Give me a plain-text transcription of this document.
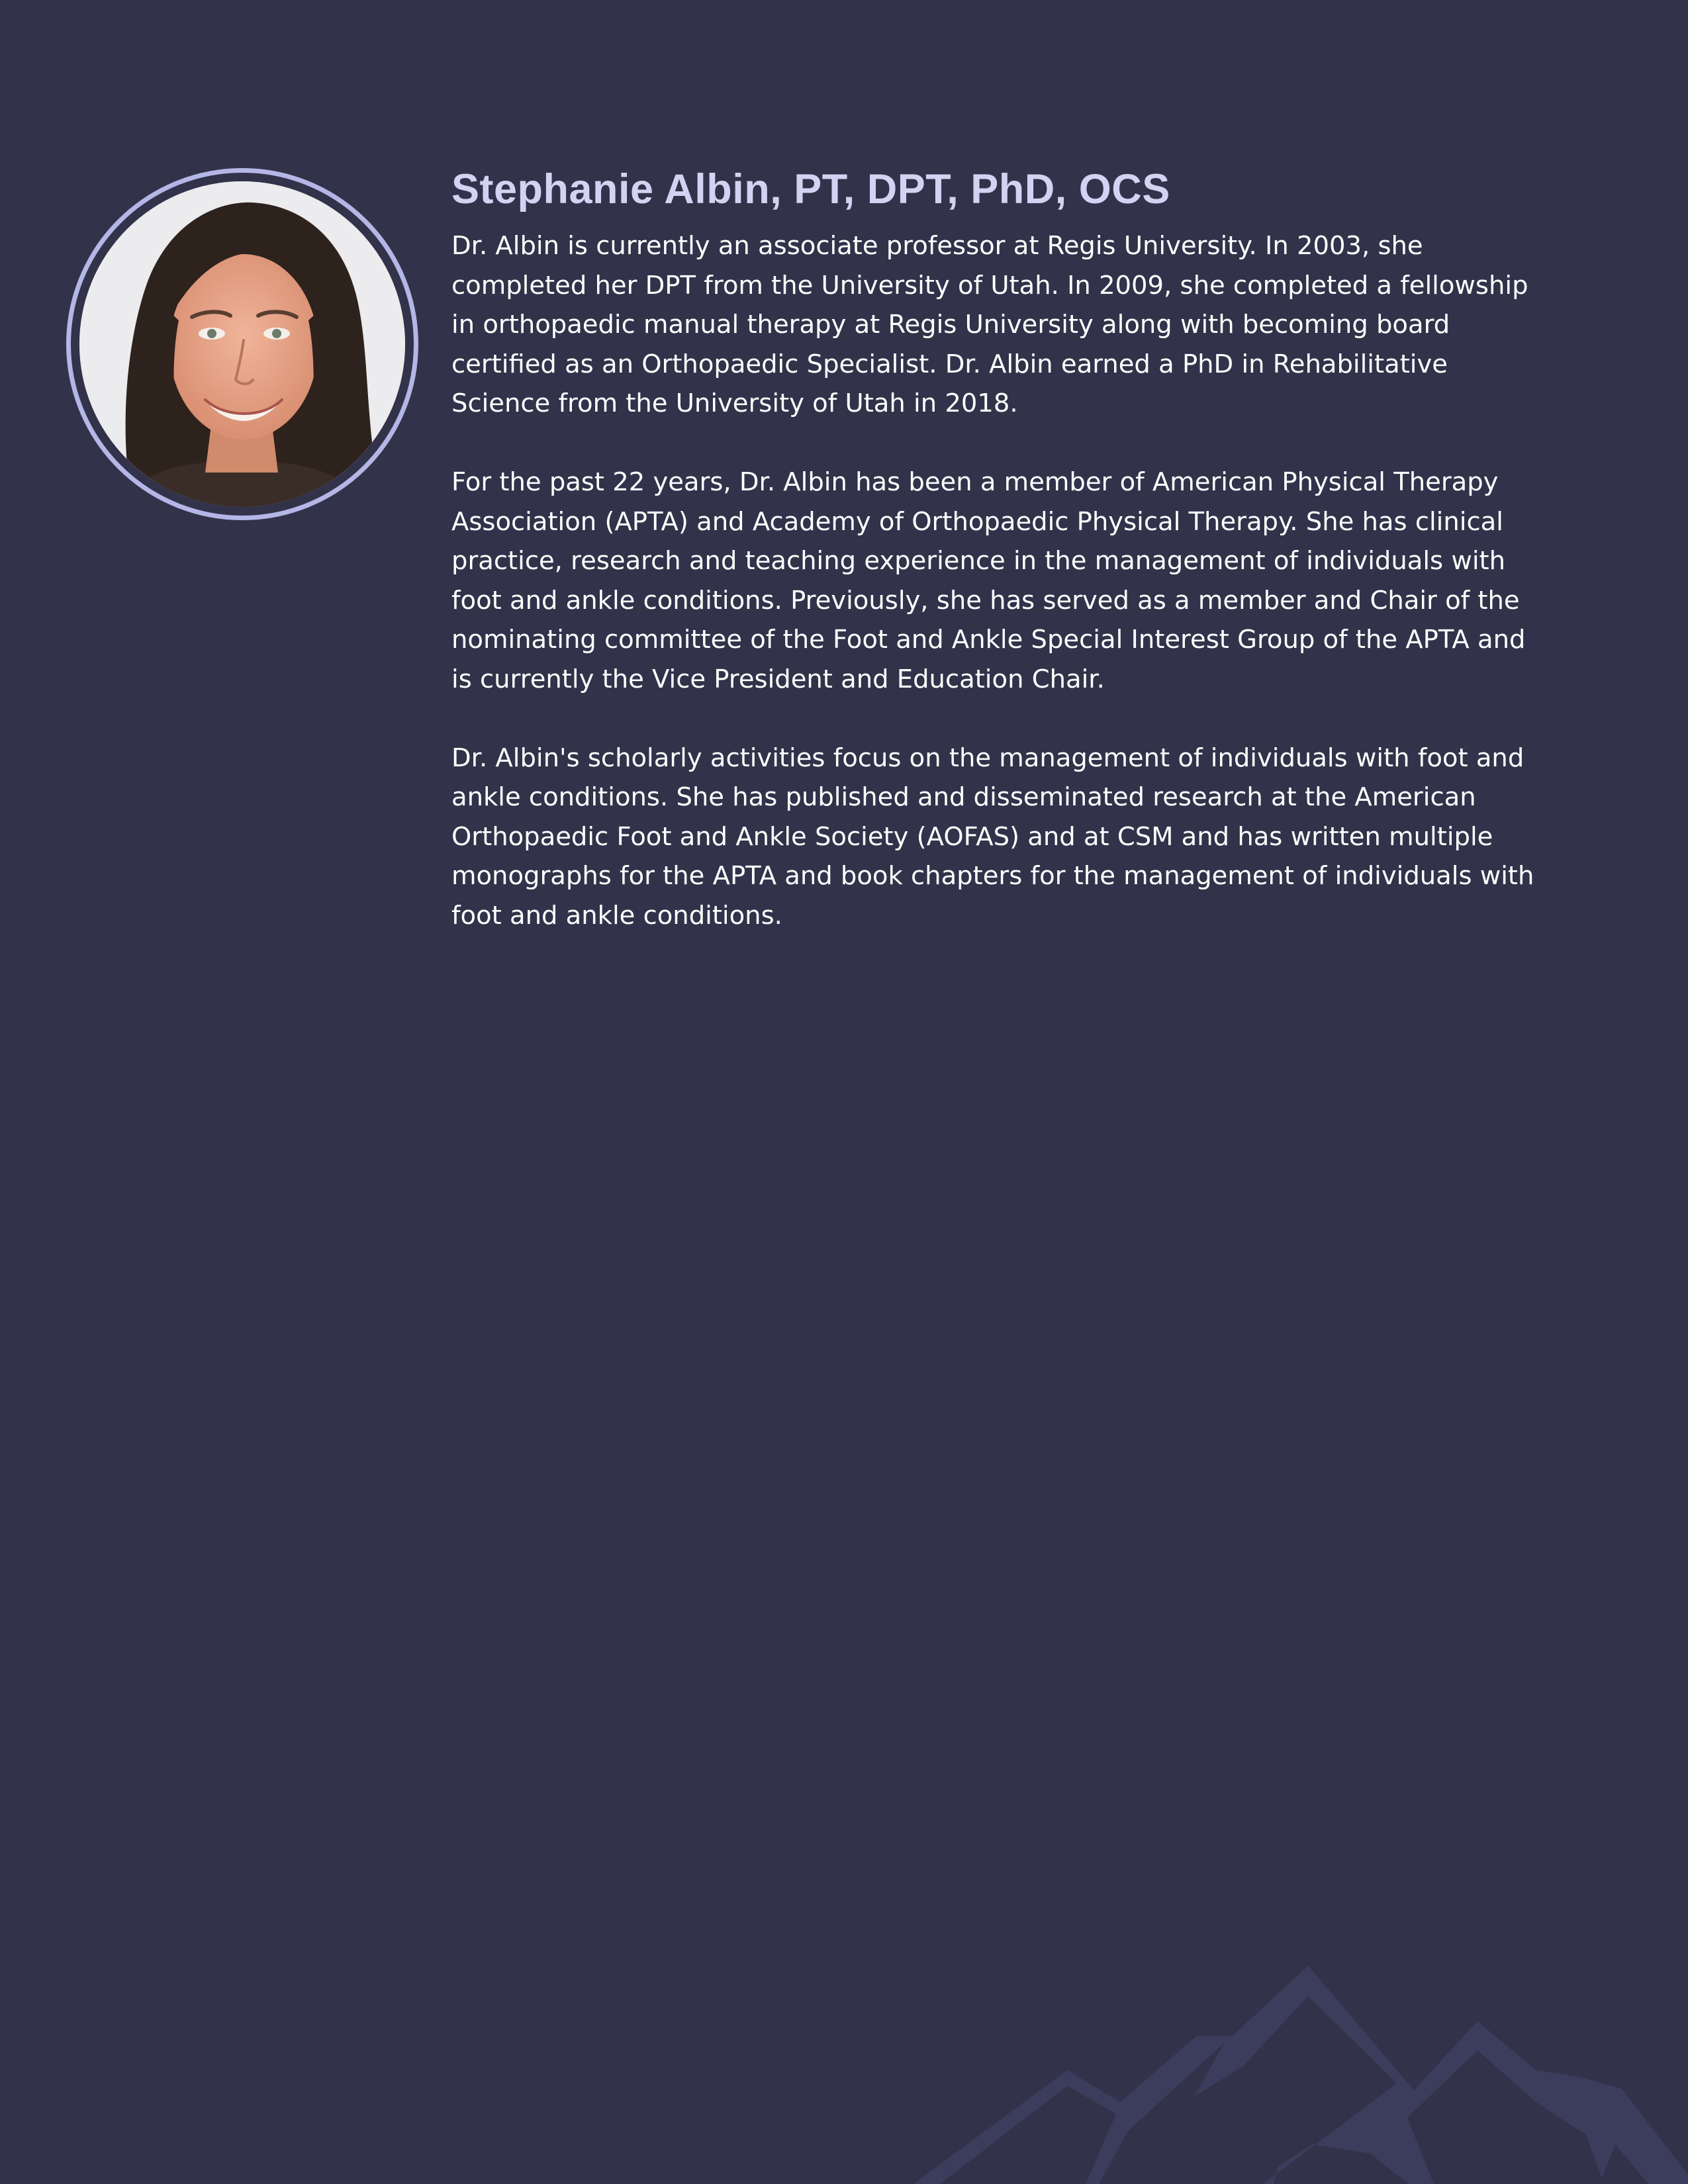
Stephanie Albin, PT, DPT, PhD, OCS

Dr. Albin is currently an associate professor at Regis University. In 2003, she
completed her DPT from the University of Utah. In 2009, she completed a fellowship
in orthopaedic manual therapy at Regis University along with becoming board
certified as an Orthopaedic Specialist. Dr. Albin earned a PhD in Rehabilitative
Science from the University of Utah in 2018.

For the past 22 years, Dr. Albin has been a member of American Physical Therapy
Association (APTA) and Academy of Orthopaedic Physical Therapy. She has clinical
practice, research and teaching experience in the management of individuals with
foot and ankle conditions. Previously, she has served as a member and Chair of the
nominating committee of the Foot and Ankle Special Interest Group of the APTA and
is currently the Vice President and Education Chair.

Dr. Albin's scholarly activities focus on the management of individuals with foot and
ankle conditions. She has published and disseminated research at the American
Orthopaedic Foot and Ankle Society (AOFAS) and at CSM and has written multiple
monographs for the APTA and book chapters for the management of individuals with
foot and ankle conditions.
